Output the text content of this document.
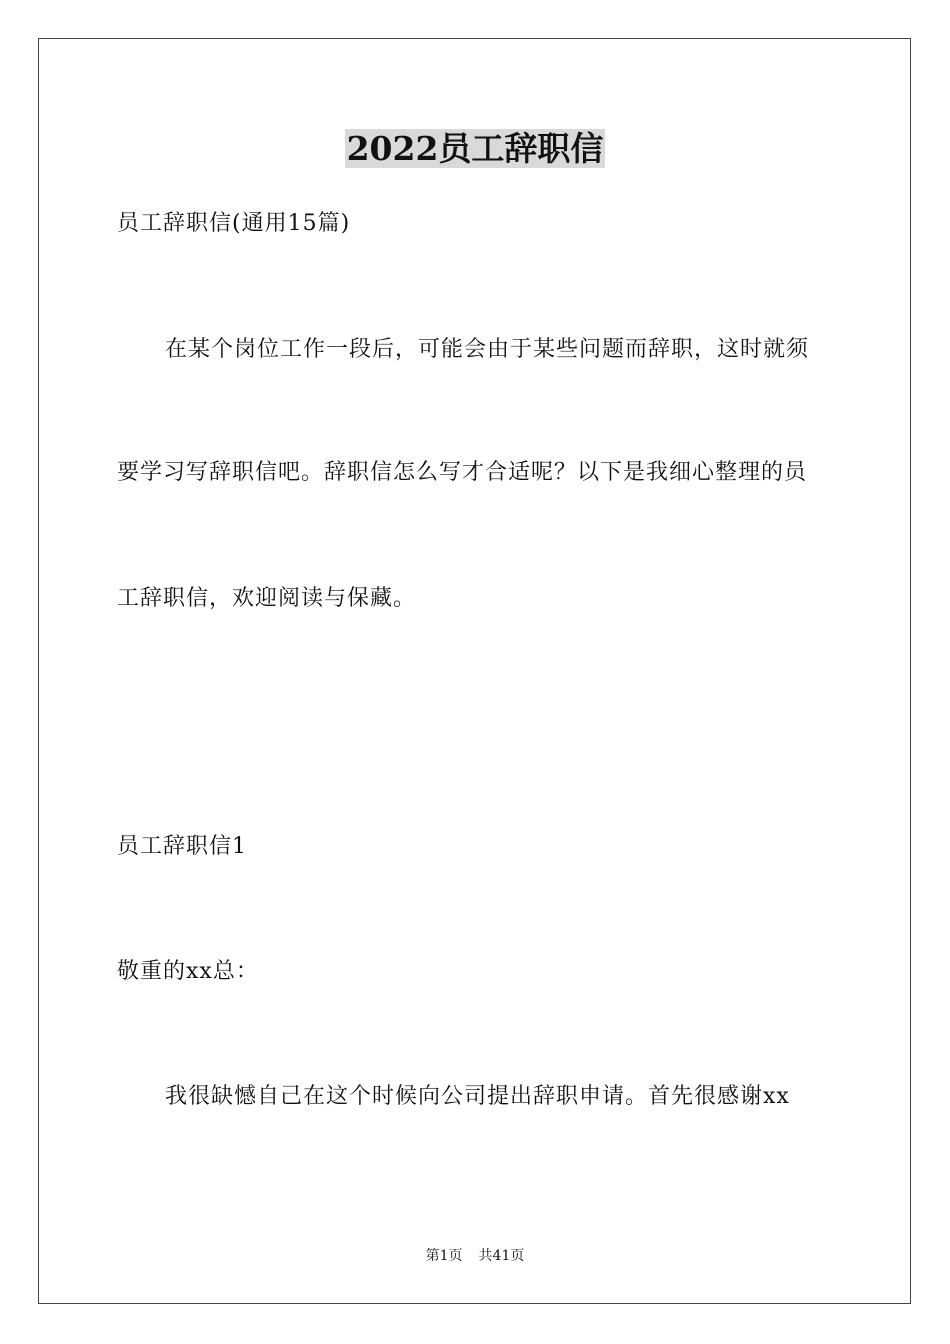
2022员工辞职信
员工辞职信(通用15篇)
在某个岗位工作一段后，可能会由于某些问题而辞职，这时就须
要学习写辞职信吧。辞职信怎么写才合适呢？以下是我细心整理的员
工辞职信，欢迎阅读与保藏。
员工辞职信1
敬重的xx总：
我很缺憾自己在这个时候向公司提出辞职申请。首先很感谢xx
第1页 共41页
